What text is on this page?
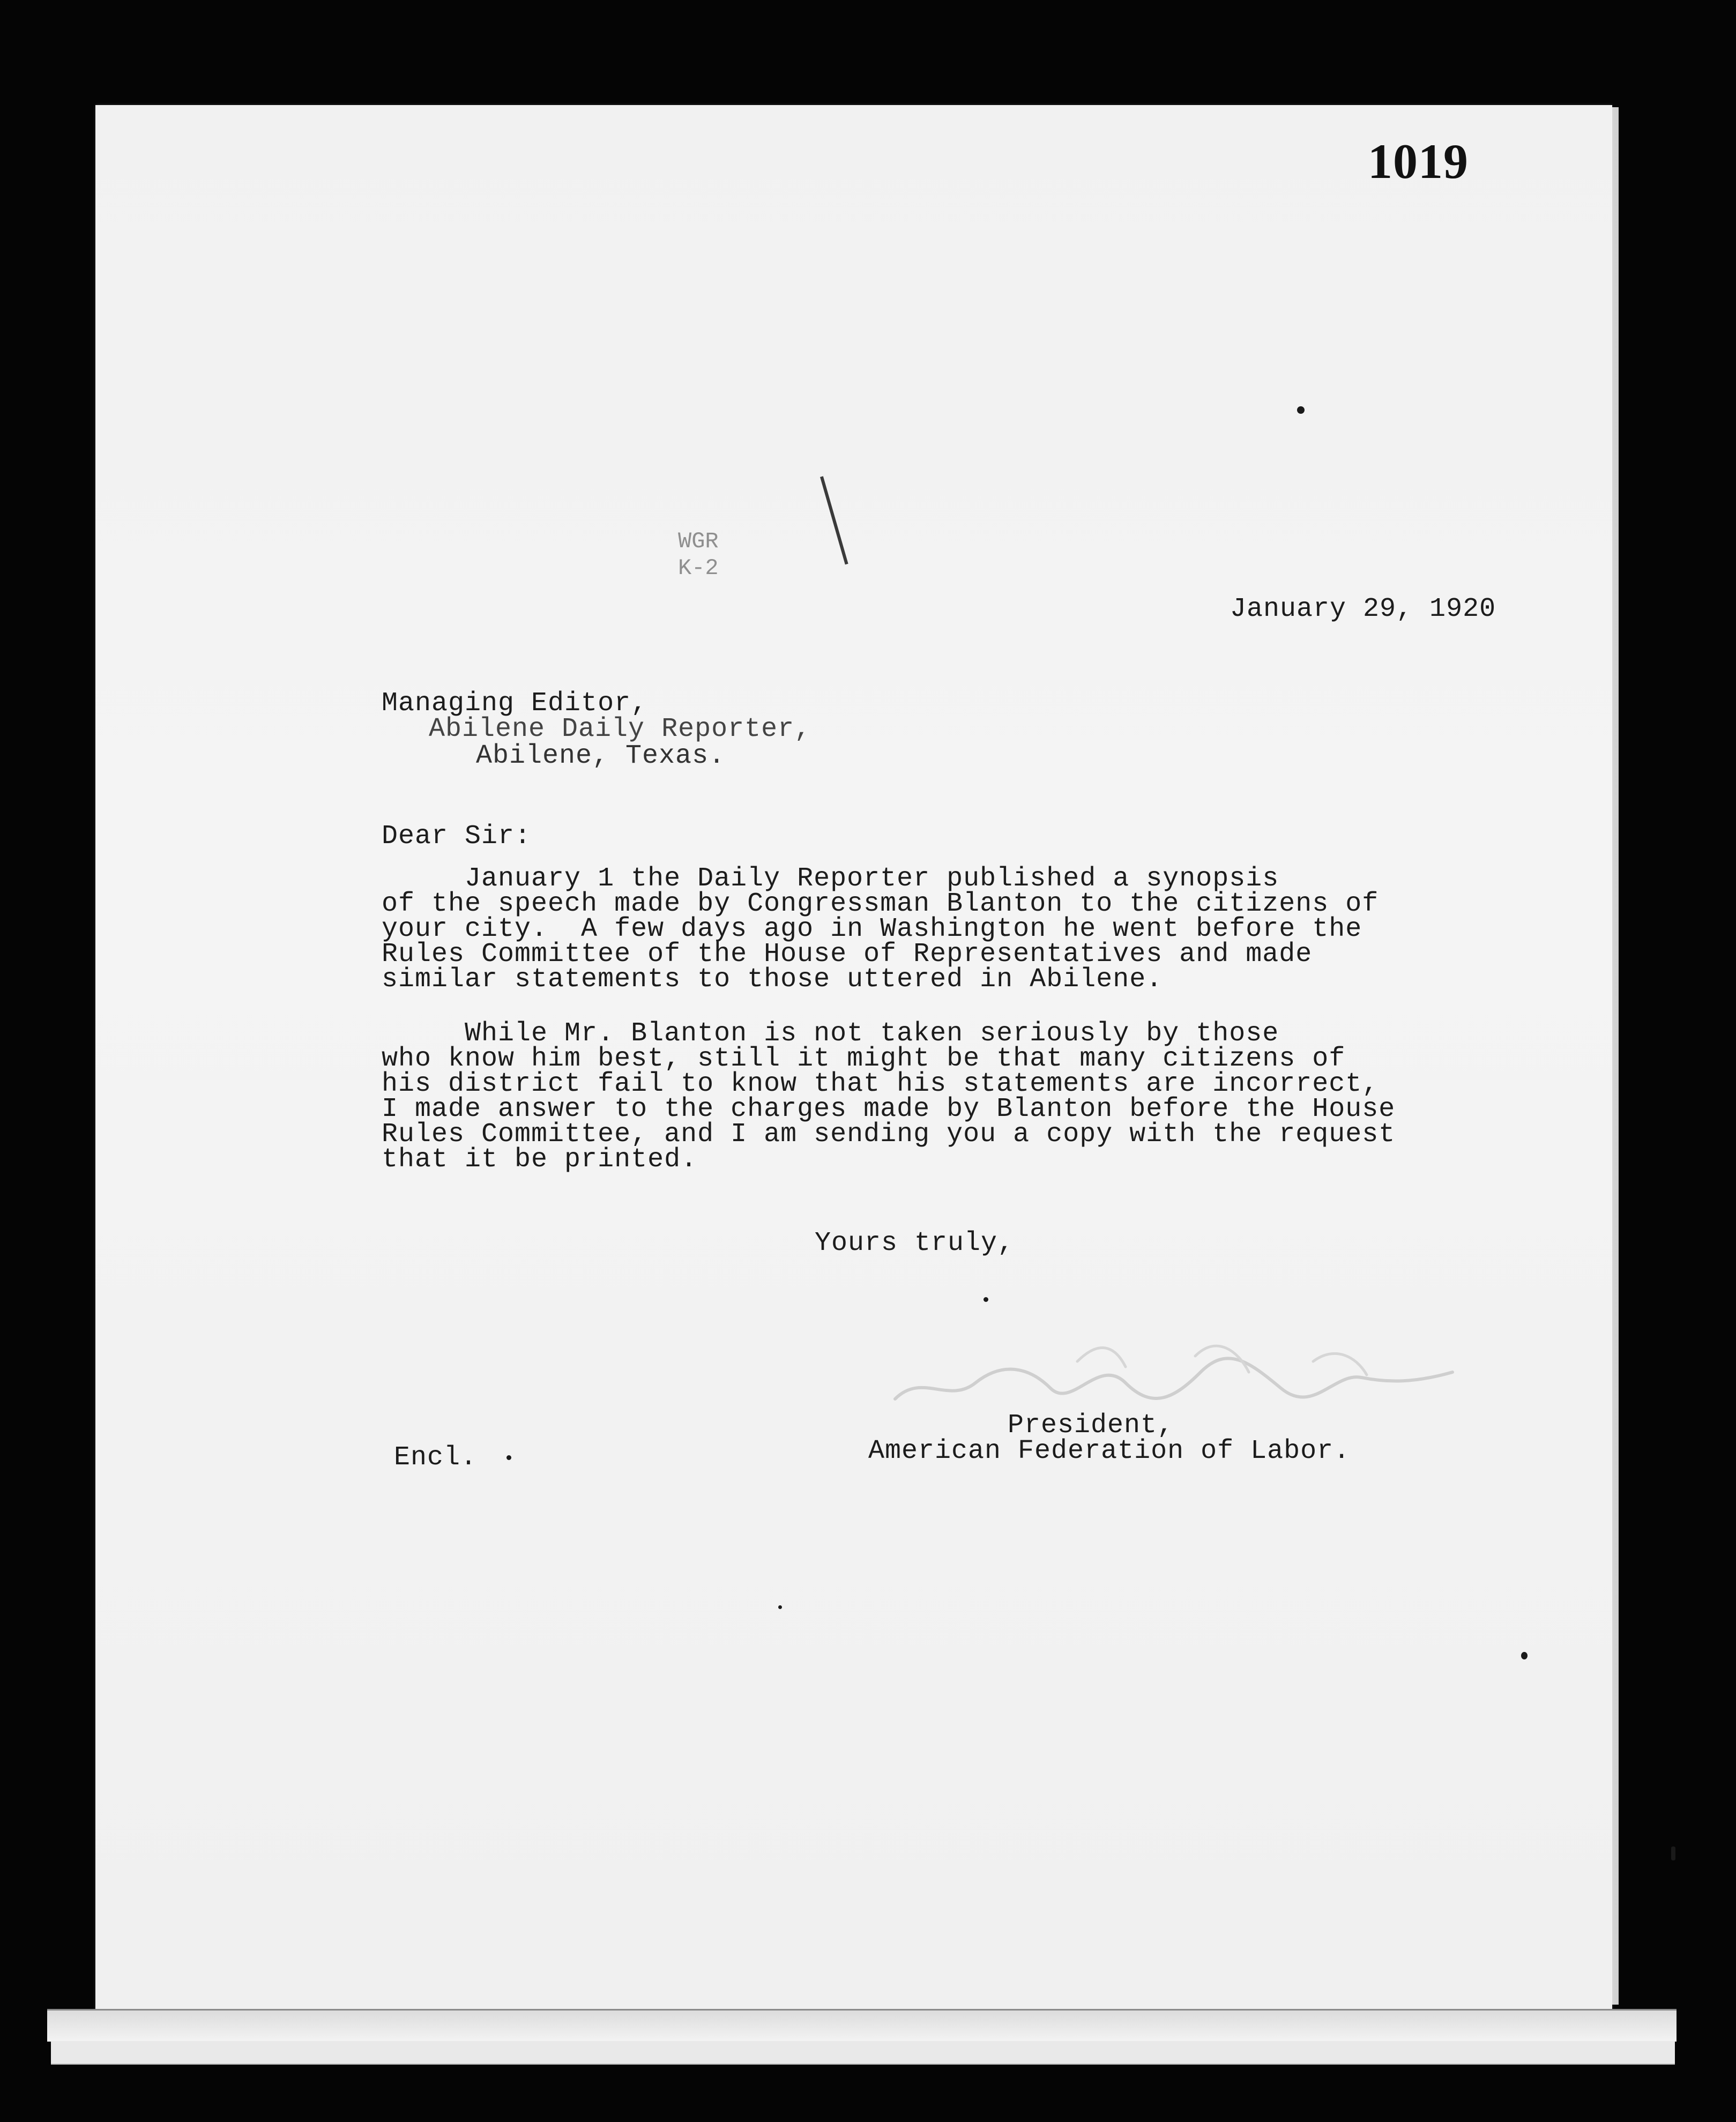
1019
WGR
K-2
January 29, 1920
Managing Editor,
Abilene Daily Reporter,
Abilene, Texas.
Dear Sir:
January 1 the Daily Reporter published a synopsis
of the speech made by Congressman Blanton to the citizens of
your city.  A few days ago in Washington he went before the
Rules Committee of the House of Representatives and made
similar statements to those uttered in Abilene.
While Mr. Blanton is not taken seriously by those
who know him best, still it might be that many citizens of
his district fail to know that his statements are incorrect,
I made answer to the charges made by Blanton before the House
Rules Committee, and I am sending you a copy with the request
that it be printed.
Yours truly,
President,
American Federation of Labor.
Encl.
